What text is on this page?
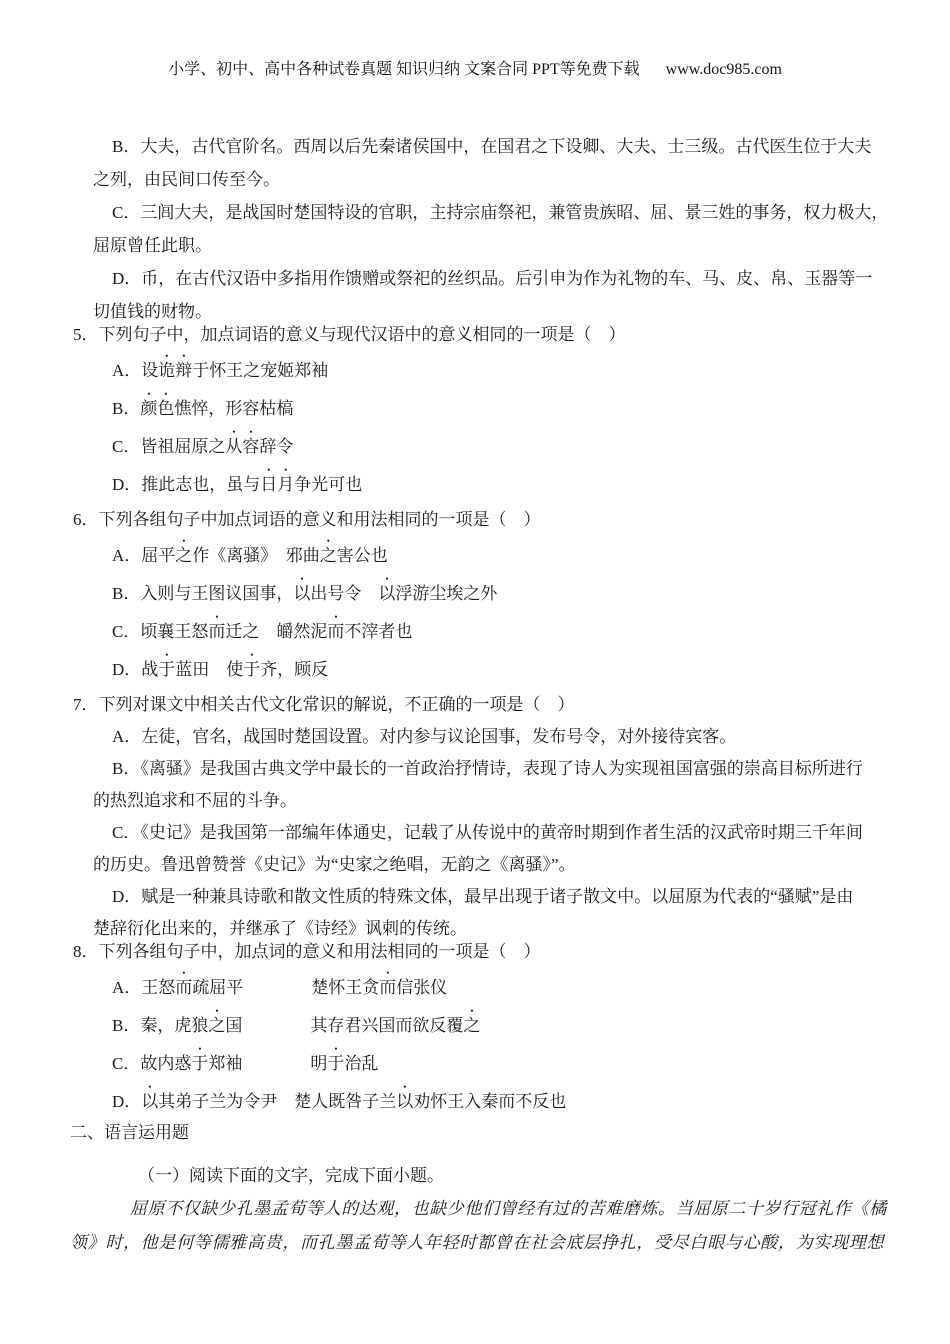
小学、初中、高中各种试卷真题 知识归纳 文案合同 PPT等免费下载 www.doc985.com
B．大夫，古代官阶名。西周以后先秦诸侯国中，在国君之下设卿、大夫、士三级。古代医生位于大夫
之列，由民间口传至今。
C．三闾大夫，是战国时楚国特设的官职，主持宗庙祭祀，兼管贵族昭、屈、景三姓的事务，权力极大，
屈原曾任此职。
D．币，在古代汉语中多指用作馈赠或祭祀的丝织品。后引申为作为礼物的车、马、皮、帛、玉器等一
切值钱的财物。
5．下列句子中，加点词语的意义与现代汉语中的意义相同的一项是（　）
A．设诡辩于怀王之宠姬郑袖
B．颜色憔悴，形容枯槁
C．皆祖屈原之从容辞令
D．推此志也，虽与日月争光可也
6．下列各组句子中加点词语的意义和用法相同的一项是（　）
A．屈平之作《离骚》　邪曲之害公也
B．入则与王图议国事，以出号令　以浮游尘埃之外
C．顷襄王怒而迁之　皭然泥而不滓者也
D．战于蓝田　使于齐，顾反
7．下列对课文中相关古代文化常识的解说，不正确的一项是（　）
A．左徒，官名，战国时楚国设置。对内参与议论国事，发布号令，对外接待宾客。
B．《离骚》是我国古典文学中最长的一首政治抒情诗，表现了诗人为实现祖国富强的崇高目标所进行
的热烈追求和不屈的斗争。
C．《史记》是我国第一部编年体通史，记载了从传说中的黄帝时期到作者生活的汉武帝时期三千年间
的历史。鲁迅曾赞誉《史记》为“史家之绝唱，无韵之《离骚》”。
D．赋是一种兼具诗歌和散文性质的特殊文体，最早出现于诸子散文中。以屈原为代表的“骚赋”是由
楚辞衍化出来的，并继承了《诗经》讽刺的传统。
8．下列各组句子中，加点词的意义和用法相同的一项是（　）
A．王怒而疏屈平　　　　楚怀王贪而信张仪
B．秦，虎狼之国　　　　其存君兴国而欲反覆之
C．故内惑于郑袖　　　　明于治乱
D．以其弟子兰为令尹　楚人既咎子兰以劝怀王入秦而不反也
二、语言运用题
（一）阅读下面的文字，完成下面小题。
屈原不仅缺少孔墨孟荀等人的达观，也缺少他们曾经有过的苦难磨炼。当屈原二十岁行冠礼作《橘
领》时，他是何等儒雅高贵，而孔墨孟荀等人年轻时都曾在社会底层挣扎，受尽白眼与心酸，为实现理想
